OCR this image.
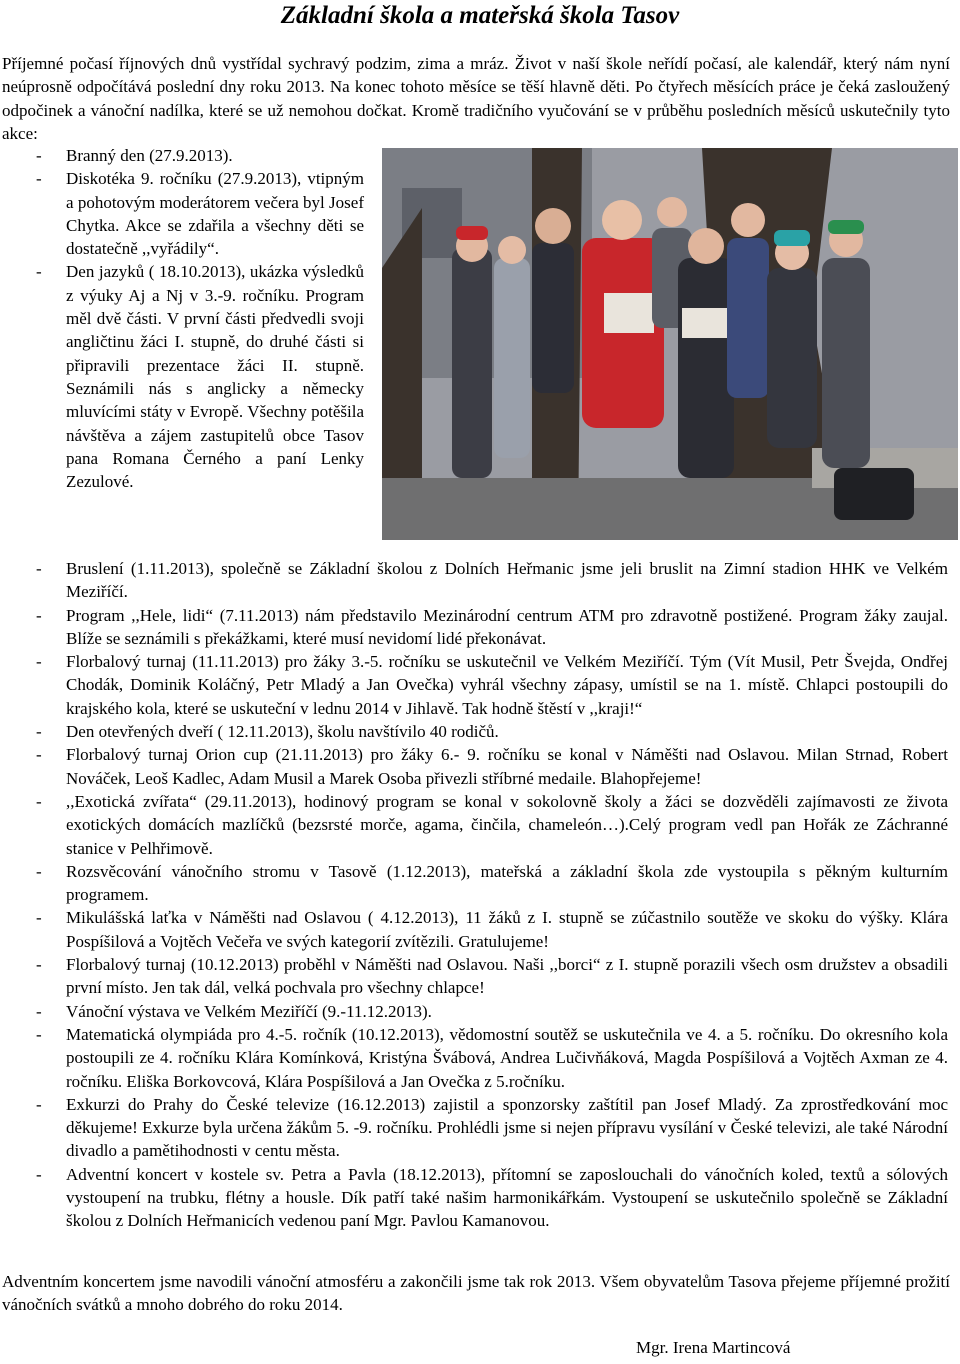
Základní škola a mateřská škola Tasov

Příjemné počasí říjnových dnů vystřídal sychravý podzim, zima a mráz. Život v naší škole neřídí počasí, ale kalendář, který nám nyní neúprosně odpočítává poslední dny roku 2013. Na konec tohoto měsíce se těší hlavně děti. Po čtyřech měsících práce je čeká zasloužený odpočinek a vánoční nadílka, které se už nemohou dočkat. Kromě tradičního vyučování se v průběhu posledních měsíců uskutečnily tyto akce:

- Branný den (27.9.2013).
- Diskotéka 9. ročníku (27.9.2013), vtipným a pohotovým moderátorem večera byl Josef Chytka. Akce se zdařila a všechny děti se dostatečně ,,vyřádily“.
- Den jazyků ( 18.10.2013), ukázka výsledků z výuky Aj a Nj v 3.-9. ročníku. Program měl dvě části. V první části předvedli svoji angličtinu žáci I. stupně, do druhé části si připravili prezentace žáci II. stupně. Seznámili nás s anglicky a německy mluvícími státy v Evropě. Všechny potěšila návštěva a zájem zastupitelů obce Tasov pana Romana Černého a paní Lenky Zezulové.
- Bruslení (1.11.2013), společně se Základní školou z Dolních Heřmanic jsme jeli bruslit na Zimní stadion HHK ve Velkém Meziříčí.
- Program ,,Hele, lidi“ (7.11.2013) nám představilo Mezinárodní centrum ATM pro zdravotně postižené. Program žáky zaujal. Blíže se seznámili s překážkami, které musí nevidomí lidé překonávat.
- Florbalový turnaj (11.11.2013) pro žáky 3.-5. ročníku se uskutečnil ve Velkém Meziříčí. Tým (Vít Musil, Petr Švejda, Ondřej Chodák, Dominik Koláčný, Petr Mladý a Jan Ovečka) vyhrál všechny zápasy, umístil se na 1. místě. Chlapci postoupili do krajského kola, které se uskuteční v lednu 2014 v Jihlavě. Tak hodně štěstí v ,,kraji!“
- Den otevřených dveří ( 12.11.2013), školu navštívilo 40 rodičů.
- Florbalový turnaj Orion cup (21.11.2013) pro žáky 6.- 9. ročníku se konal v Náměšti nad Oslavou. Milan Strnad, Robert Nováček, Leoš Kadlec, Adam Musil a Marek Osoba přivezli stříbrné medaile. Blahopřejeme!
- ,,Exotická zvířata“ (29.11.2013), hodinový program se konal v sokolovně školy a žáci se dozvěděli zajímavosti ze života exotických domácích mazlíčků (bezsrsté morče, agama, činčila, chameleón…).Celý program vedl pan Hořák ze Záchranné stanice v Pelhřimově.
- Rozsvěcování vánočního stromu v Tasově (1.12.2013), mateřská a základní škola zde vystoupila s pěkným kulturním programem.
- Mikulášská laťka v Náměšti nad Oslavou ( 4.12.2013), 11 žáků z I. stupně se zúčastnilo soutěže ve skoku do výšky. Klára Pospíšilová a Vojtěch Večeřa ve svých kategorií zvítězili. Gratulujeme!
- Florbalový turnaj (10.12.2013) proběhl v Náměšti nad Oslavou. Naši ,,borci“ z I. stupně porazili všech osm družstev a obsadili první místo. Jen tak dál, velká pochvala pro všechny chlapce!
- Vánoční výstava ve Velkém Meziříčí (9.-11.12.2013).
- Matematická olympiáda pro 4.-5. ročník (10.12.2013), vědomostní soutěž se uskutečnila ve 4. a 5. ročníku. Do okresního kola postoupili ze 4. ročníku Klára Komínková, Kristýna Švábová, Andrea Lučivňáková, Magda Pospíšilová a Vojtěch Axman ze 4. ročníku. Eliška Borkovcová, Klára Pospíšilová a Jan Ovečka z 5.ročníku.
- Exkurzi do Prahy do České televize (16.12.2013) zajistil a sponzorsky zaštítil pan Josef Mladý. Za zprostředkování moc děkujeme! Exkurze byla určena žákům 5. -9. ročníku. Prohlédli jsme si nejen přípravu vysílání v České televizi, ale také Národní divadlo a pamětihodnosti v centu města.
- Adventní koncert v kostele sv. Petra a Pavla (18.12.2013), přítomní se zaposlouchali do vánočních koled, textů a sólových vystoupení na trubku, flétny a housle. Dík patří také našim harmonikářkám. Vystoupení se uskutečnilo společně se Základní školou z Dolních Heřmanicích vedenou paní Mgr. Pavlou Kamanovou.

Adventním koncertem jsme navodili vánoční atmosféru a zakončili jsme tak rok 2013. Všem obyvatelům Tasova přejeme příjemné prožití vánočních svátků a mnoho dobrého do roku 2014.

Mgr. Irena Martincová
